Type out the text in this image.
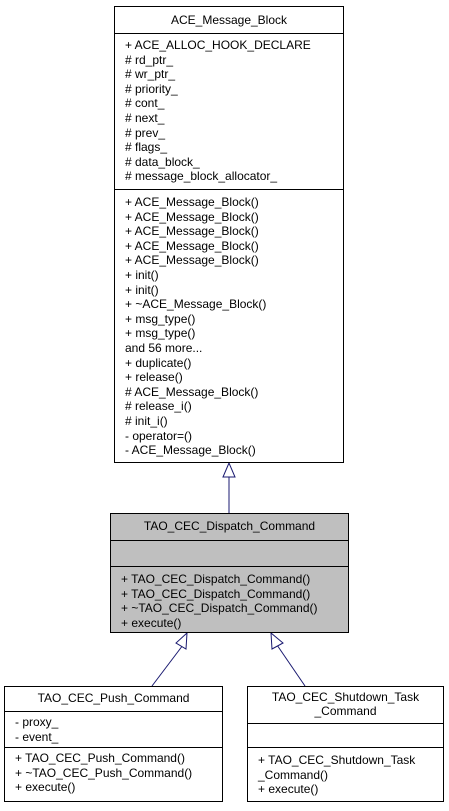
ACE_Message_Block
+ ACE_ALLOC_HOOK_DECLARE
# rd_ptr_
# wr_ptr_
# priority_
# cont_
# next_
# prev_
# flags_
# data_block_
# message_block_allocator_
+ ACE_Message_Block()
+ ACE_Message_Block()
+ ACE_Message_Block()
+ ACE_Message_Block()
+ ACE_Message_Block()
+ init()
+ init()
+ ~ACE_Message_Block()
+ msg_type()
+ msg_type()
and 56 more...
+ duplicate()
+ release()
# ACE_Message_Block()
# release_i()
# init_i()
- operator=()
- ACE_Message_Block()
TAO_CEC_Dispatch_Command
+ TAO_CEC_Dispatch_Command()
+ TAO_CEC_Dispatch_Command()
+ ~TAO_CEC_Dispatch_Command()
+ execute()
TAO_CEC_Push_Command
- proxy_
- event_
+ TAO_CEC_Push_Command()
+ ~TAO_CEC_Push_Command()
+ execute()
TAO_CEC_Shutdown_Task
_Command
+ TAO_CEC_Shutdown_Task
_Command()
+ execute()
